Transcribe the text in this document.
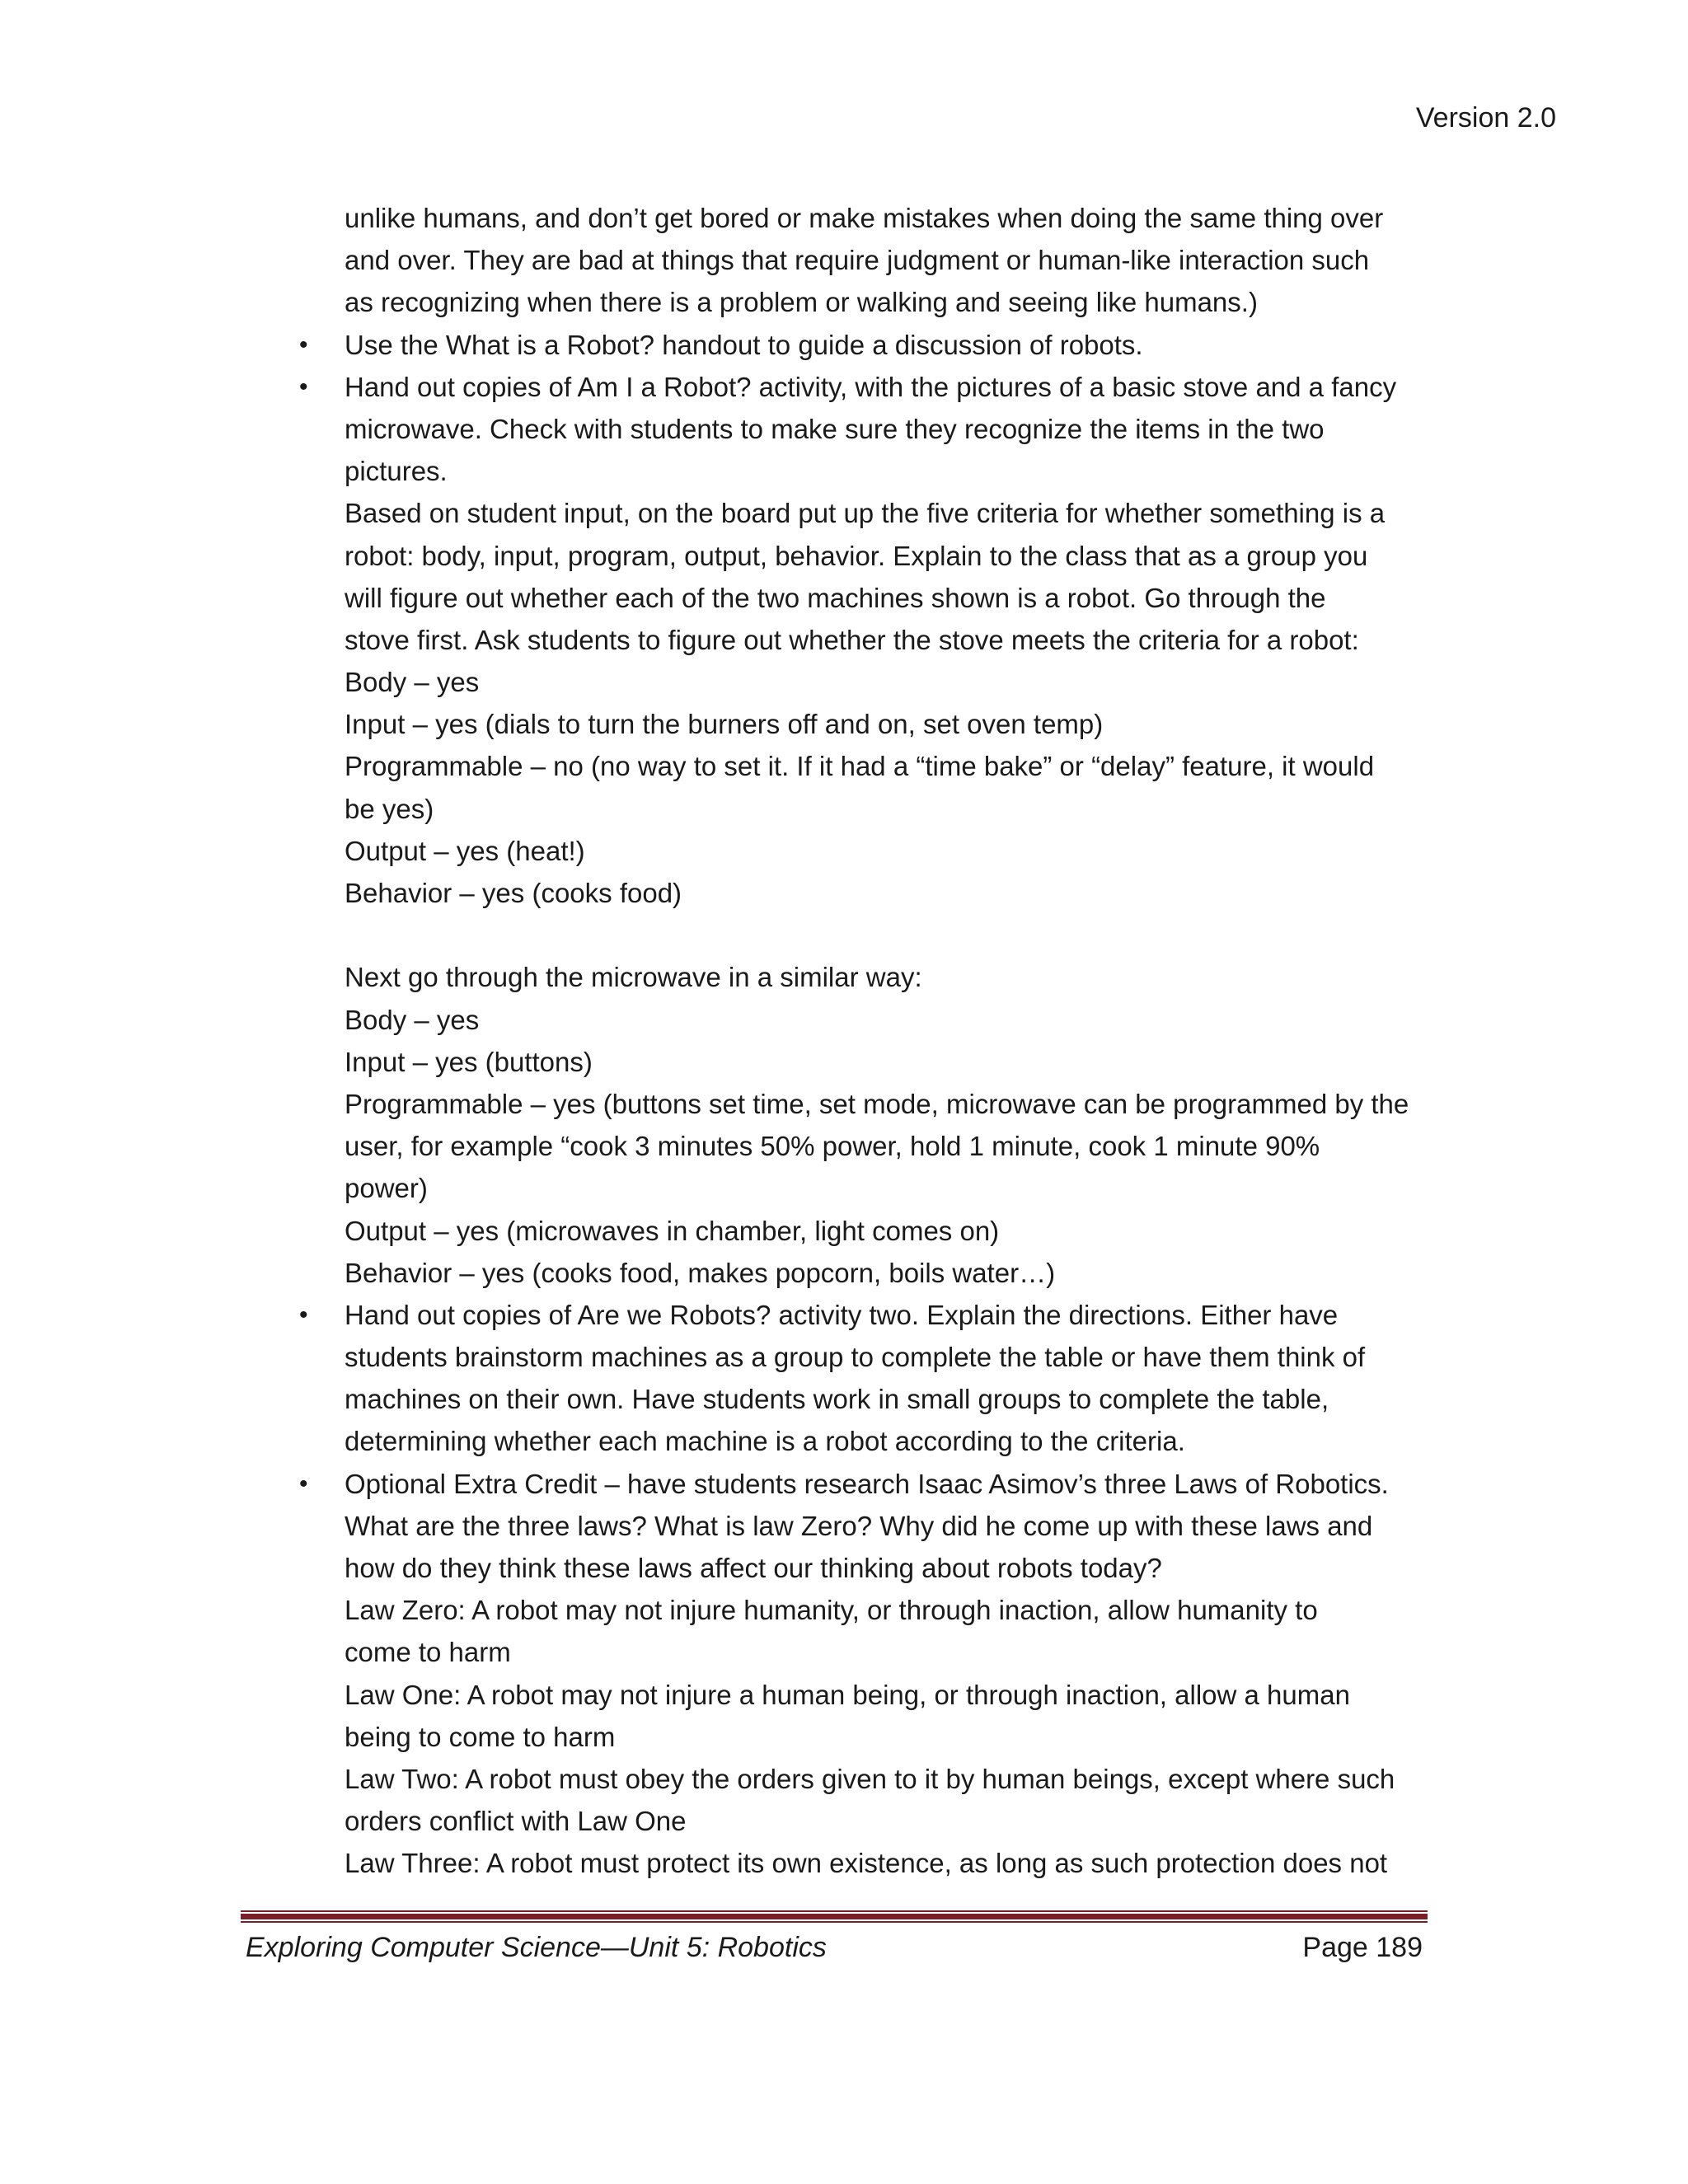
Version 2.0
unlike humans, and don’t get bored or make mistakes when doing the same thing over
and over. They are bad at things that require judgment or human-like interaction such
as recognizing when there is a problem or walking and seeing like humans.)
• Use the What is a Robot? handout to guide a discussion of robots.
• Hand out copies of Am I a Robot? activity, with the pictures of a basic stove and a fancy
microwave. Check with students to make sure they recognize the items in the two
pictures.
Based on student input, on the board put up the five criteria for whether something is a
robot: body, input, program, output, behavior. Explain to the class that as a group you
will figure out whether each of the two machines shown is a robot. Go through the
stove first. Ask students to figure out whether the stove meets the criteria for a robot:
Body – yes
Input – yes (dials to turn the burners off and on, set oven temp)
Programmable – no (no way to set it. If it had a “time bake” or “delay” feature, it would
be yes)
Output – yes (heat!)
Behavior – yes (cooks food)
Next go through the microwave in a similar way:
Body – yes
Input – yes (buttons)
Programmable – yes (buttons set time, set mode, microwave can be programmed by the
user, for example “cook 3 minutes 50% power, hold 1 minute, cook 1 minute 90%
power)
Output – yes (microwaves in chamber, light comes on)
Behavior – yes (cooks food, makes popcorn, boils water…)
• Hand out copies of Are we Robots? activity two. Explain the directions. Either have
students brainstorm machines as a group to complete the table or have them think of
machines on their own. Have students work in small groups to complete the table,
determining whether each machine is a robot according to the criteria.
• Optional Extra Credit – have students research Isaac Asimov’s three Laws of Robotics.
What are the three laws? What is law Zero? Why did he come up with these laws and
how do they think these laws affect our thinking about robots today?
Law Zero: A robot may not injure humanity, or through inaction, allow humanity to
come to harm
Law One: A robot may not injure a human being, or through inaction, allow a human
being to come to harm
Law Two: A robot must obey the orders given to it by human beings, except where such
orders conflict with Law One
Law Three: A robot must protect its own existence, as long as such protection does not
Exploring Computer Science—Unit 5: Robotics	Page 189
